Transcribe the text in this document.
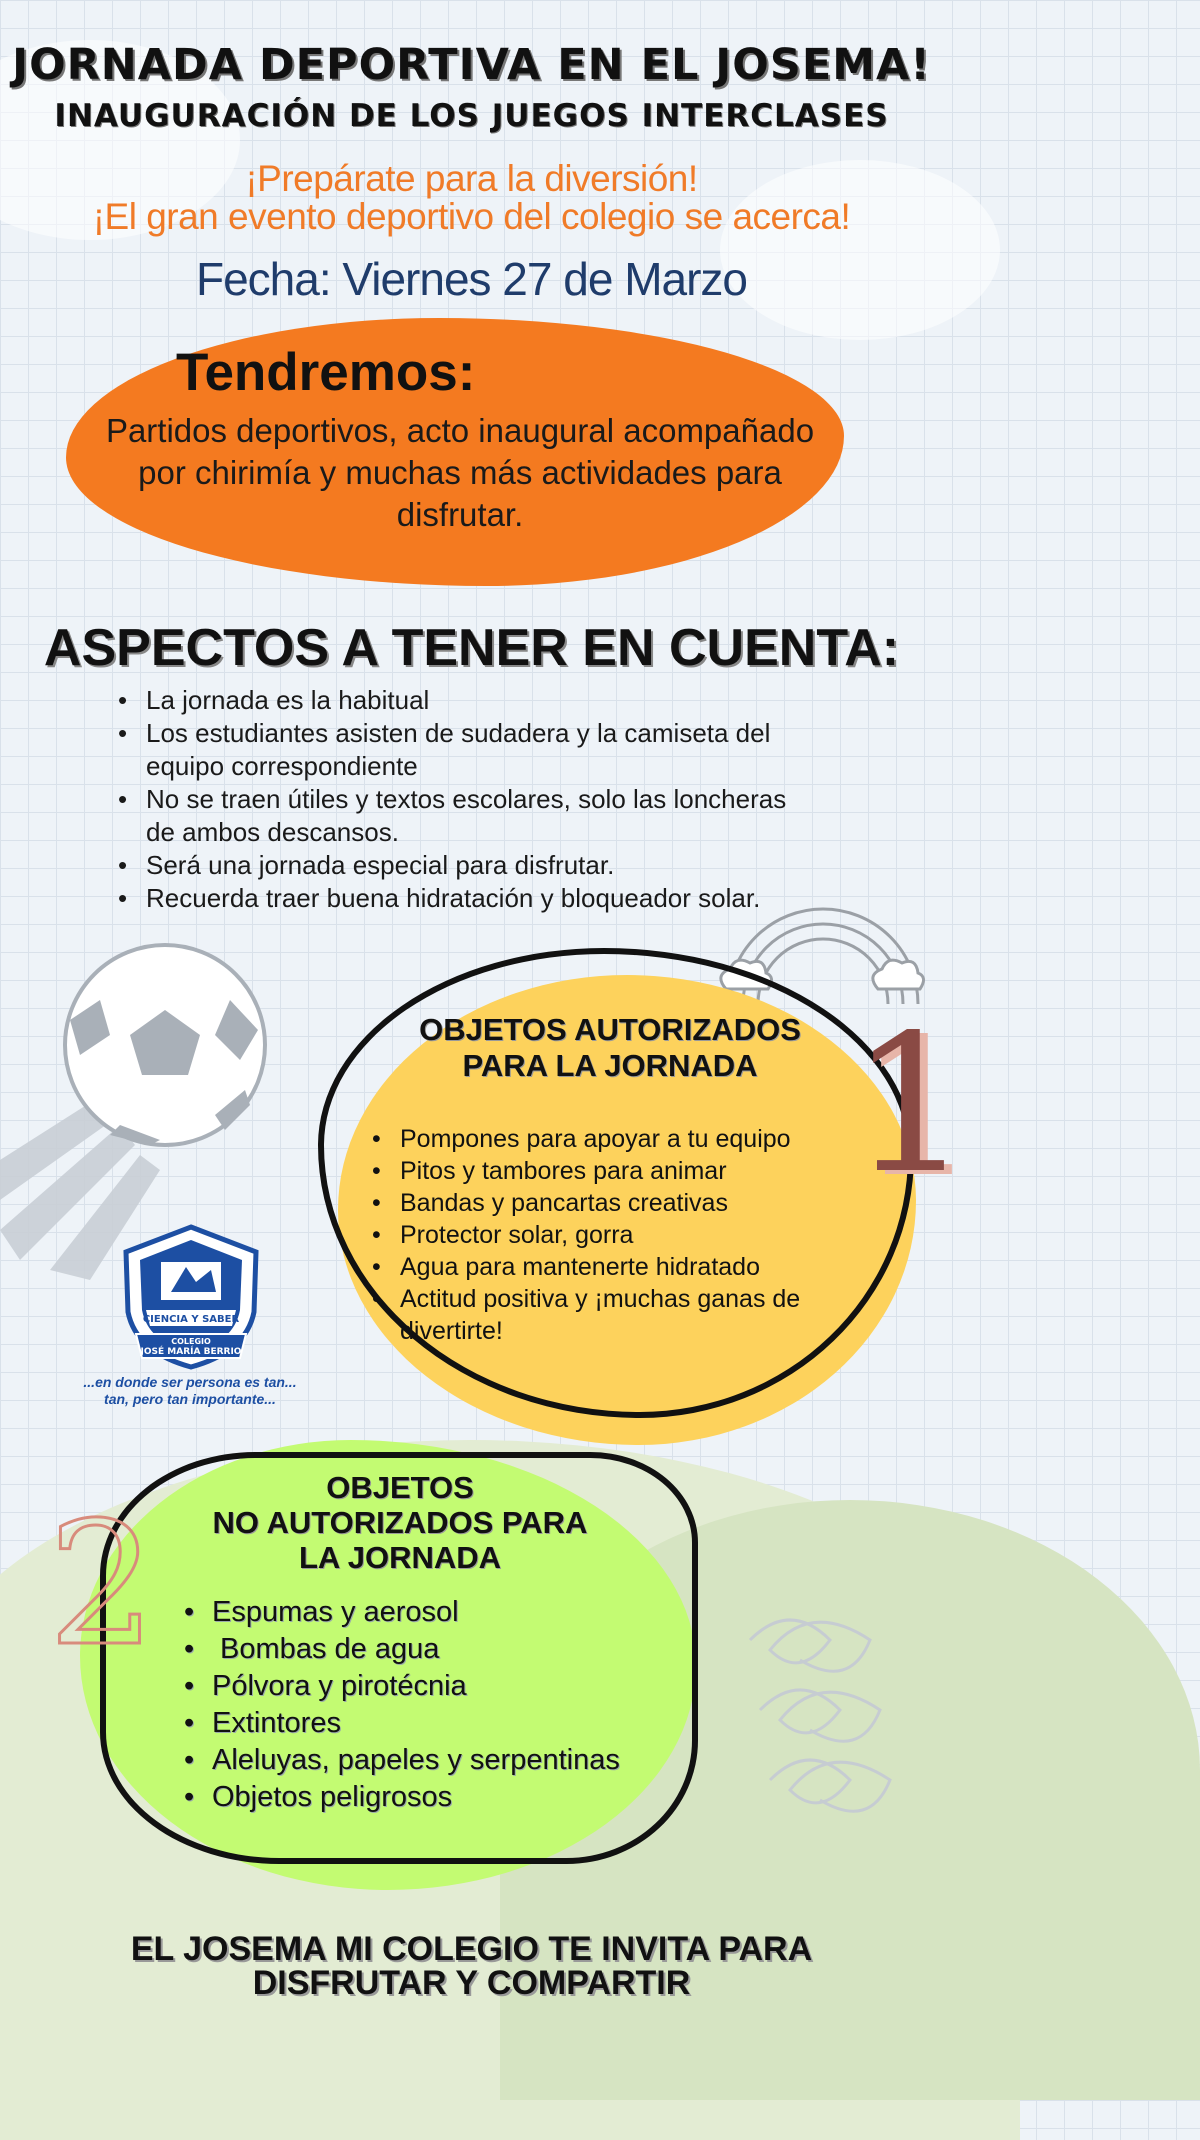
JORNADA DEPORTIVA EN EL JOSEMA!
INAUGURACIÓN DE LOS JUEGOS INTERCLASES
¡Prepárate para la diversión!
¡El gran evento deportivo del colegio se acerca!
Fecha: Viernes 27 de Marzo
Tendremos:
Partidos deportivos, acto inaugural acompañado por chirimía y muchas más actividades para disfrutar.
ASPECTOS A TENER EN CUENTA:
• La jornada es la habitual
• Los estudiantes asisten de sudadera y la camiseta del equipo correspondiente
• No se traen útiles y textos escolares, solo las loncheras de ambos descansos.
• Será una jornada especial para disfrutar.
• Recuerda traer buena hidratación y bloqueador solar.
1
OBJETOS AUTORIZADOS
PARA LA JORNADA
• Pompones para apoyar a tu equipo
• Pitos y tambores para animar
• Bandas y pancartas creativas
• Protector solar, gorra
• Agua para mantenerte hidratado
• Actitud positiva y ¡muchas ganas de divertirte!
CIENCIA Y SABER
COLEGIO
JOSÉ MARÍA BERRIO
...en donde ser persona es tan...
tan, pero tan importante...
2	OBJETOS
NO AUTORIZADOS PARA
LA JORNADA
• Espumas y aerosol
•  Bombas de agua
• Pólvora y pirotécnia
• Extintores
• Aleluyas, papeles y serpentinas
• Objetos peligrosos
EL JOSEMA MI COLEGIO TE INVITA PARA
DISFRUTAR Y COMPARTIR
